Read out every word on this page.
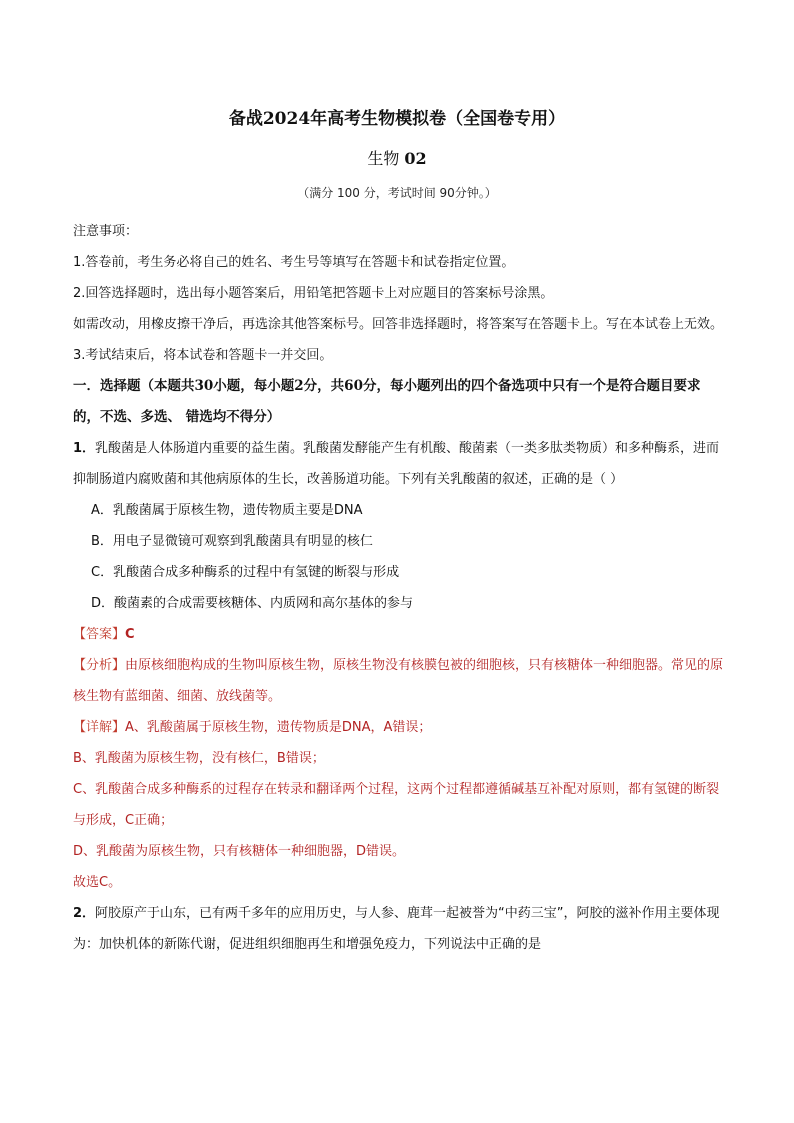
备战2024年高考生物模拟卷（全国卷专用）
生物 02
（满分 100 分，考试时间 90分钟。）

注意事项：

1.答卷前，考生务必将自己的姓名、考生号等填写在答题卡和试卷指定位置。

2.回答选择题时，选出每小题答案后，用铅笔把答题卡上对应题目的答案标号涂黑。

如需改动，用橡皮擦干净后，再选涂其他答案标号。回答非选择题时，将答案写在答题卡上。写在本试卷上无效。

3.考试结束后，将本试卷和答题卡一并交回。

一．选择题（本题共30小题，每小题2分，共60分，每小题列出的四个备选项中只有一个是符合题目要求的，不选、多选、 错选均不得分）

1．乳酸菌是人体肠道内重要的益生菌。乳酸菌发酵能产生有机酸、酸菌素（一类多肽类物质）和多种酶系，进而抑制肠道内腐败菌和其他病原体的生长，改善肠道功能。下列有关乳酸菌的叙述，正确的是（ ）

A．乳酸菌属于原核生物，遗传物质主要是DNA

B．用电子显微镜可观察到乳酸菌具有明显的核仁

C．乳酸菌合成多种酶系的过程中有氢键的断裂与形成

D．酸菌素的合成需要核糖体、内质网和高尔基体的参与

【答案】C

【分析】由原核细胞构成的生物叫原核生物，原核生物没有核膜包被的细胞核，只有核糖体一种细胞器。常见的原核生物有蓝细菌、细菌、放线菌等。

【详解】A、乳酸菌属于原核生物，遗传物质是DNA，A错误；

B、乳酸菌为原核生物，没有核仁，B错误；

C、乳酸菌合成多种酶系的过程存在转录和翻译两个过程，这两个过程都遵循碱基互补配对原则，都有氢键的断裂与形成，C正确；

D、乳酸菌为原核生物，只有核糖体一种细胞器，D错误。

故选C。

2．阿胶原产于山东，已有两千多年的应用历史，与人参、鹿茸一起被誉为“中药三宝”，阿胶的滋补作用主要体现为：加快机体的新陈代谢，促进组织细胞再生和增强免疫力，下列说法中正确的是
